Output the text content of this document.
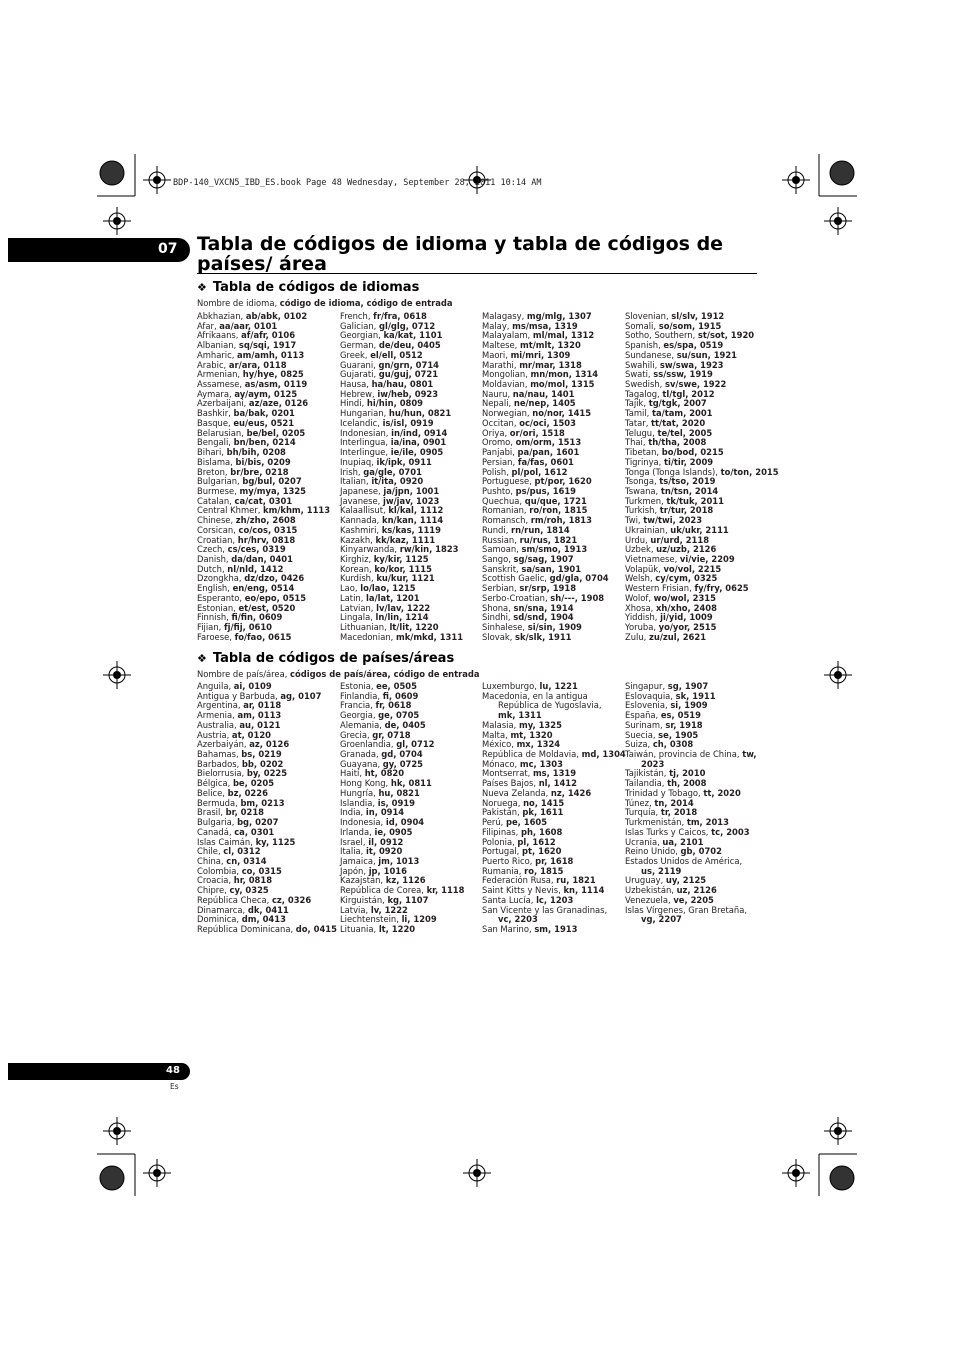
BDP-140_VXCN5_IBD_ES.book Page 48 Wednesday, September 28, 2011 10:14 AM
07 Tabla de códigos de idioma y tabla de códigos de países/ área
❖ Tabla de códigos de idiomas
Nombre de idioma, código de idioma, código de entrada
Abkhazian, ab/abk, 0102
Afar, aa/aar, 0101
Afrikaans, af/afr, 0106
Albanian, sq/sqi, 1917
Amharic, am/amh, 0113
Arabic, ar/ara, 0118
Armenian, hy/hye, 0825
Assamese, as/asm, 0119
Aymara, ay/aym, 0125
Azerbaijani, az/aze, 0126
Bashkir, ba/bak, 0201
Basque, eu/eus, 0521
Belarusian, be/bel, 0205
Bengali, bn/ben, 0214
Bihari, bh/bih, 0208
Bislama, bi/bis, 0209
Breton, br/bre, 0218
Bulgarian, bg/bul, 0207
Burmese, my/mya, 1325
Catalan, ca/cat, 0301
Central Khmer, km/khm, 1113
Chinese, zh/zho, 2608
Corsican, co/cos, 0315
Croatian, hr/hrv, 0818
Czech, cs/ces, 0319
Danish, da/dan, 0401
Dutch, nl/nld, 1412
Dzongkha, dz/dzo, 0426
English, en/eng, 0514
Esperanto, eo/epo, 0515
Estonian, et/est, 0520
Finnish, fi/fin, 0609
Fijian, fj/fij, 0610
Faroese, fo/fao, 0615
French, fr/fra, 0618
Galician, gl/glg, 0712
Georgian, ka/kat, 1101
German, de/deu, 0405
Greek, el/ell, 0512
Guarani, gn/grn, 0714
Gujarati, gu/guj, 0721
Hausa, ha/hau, 0801
Hebrew, iw/heb, 0923
Hindi, hi/hin, 0809
Hungarian, hu/hun, 0821
Icelandic, is/isl, 0919
Indonesian, in/ind, 0914
Interlingua, ia/ina, 0901
Interlingue, ie/ile, 0905
Inupiaq, ik/ipk, 0911
Irish, ga/gle, 0701
Italian, it/ita, 0920
Japanese, ja/jpn, 1001
Javanese, jw/jav, 1023
Kalaallisut, kl/kal, 1112
Kannada, kn/kan, 1114
Kashmiri, ks/kas, 1119
Kazakh, kk/kaz, 1111
Kinyarwanda, rw/kin, 1823
Kirghiz, ky/kir, 1125
Korean, ko/kor, 1115
Kurdish, ku/kur, 1121
Lao, lo/lao, 1215
Latin, la/lat, 1201
Latvian, lv/lav, 1222
Lingala, ln/lin, 1214
Lithuanian, lt/lit, 1220
Macedonian, mk/mkd, 1311
Malagasy, mg/mlg, 1307
Malay, ms/msa, 1319
Malayalam, ml/mal, 1312
Maltese, mt/mlt, 1320
Maori, mi/mri, 1309
Marathi, mr/mar, 1318
Mongolian, mn/mon, 1314
Moldavian, mo/mol, 1315
Nauru, na/nau, 1401
Nepali, ne/nep, 1405
Norwegian, no/nor, 1415
Occitan, oc/oci, 1503
Oriya, or/ori, 1518
Oromo, om/orm, 1513
Panjabi, pa/pan, 1601
Persian, fa/fas, 0601
Polish, pl/pol, 1612
Portuguese, pt/por, 1620
Pushto, ps/pus, 1619
Quechua, qu/que, 1721
Romanian, ro/ron, 1815
Romansch, rm/roh, 1813
Rundi, rn/run, 1814
Russian, ru/rus, 1821
Samoan, sm/smo, 1913
Sango, sg/sag, 1907
Sanskrit, sa/san, 1901
Scottish Gaelic, gd/gla, 0704
Serbian, sr/srp, 1918
Serbo-Croatian, sh/---, 1908
Shona, sn/sna, 1914
Sindhi, sd/snd, 1904
Sinhalese, si/sin, 1909
Slovak, sk/slk, 1911
Slovenian, sl/slv, 1912
Somali, so/som, 1915
Sotho, Southern, st/sot, 1920
Spanish, es/spa, 0519
Sundanese, su/sun, 1921
Swahili, sw/swa, 1923
Swati, ss/ssw, 1919
Swedish, sv/swe, 1922
Tagalog, tl/tgl, 2012
Tajik, tg/tgk, 2007
Tamil, ta/tam, 2001
Tatar, tt/tat, 2020
Telugu, te/tel, 2005
Thai, th/tha, 2008
Tibetan, bo/bod, 0215
Tigrinya, ti/tir, 2009
Tonga (Tonga Islands), to/ton, 2015
Tsonga, ts/tso, 2019
Tswana, tn/tsn, 2014
Turkmen, tk/tuk, 2011
Turkish, tr/tur, 2018
Twi, tw/twi, 2023
Ukrainian, uk/ukr, 2111
Urdu, ur/urd, 2118
Uzbek, uz/uzb, 2126
Vietnamese, vi/vie, 2209
Volapük, vo/vol, 2215
Welsh, cy/cym, 0325
Western Frisian, fy/fry, 0625
Wolof, wo/wol, 2315
Xhosa, xh/xho, 2408
Yiddish, ji/yid, 1009
Yoruba, yo/yor, 2515
Zulu, zu/zul, 2621
❖ Tabla de códigos de países/áreas
Nombre de país/área, códigos de país/área, código de entrada
Anguila, ai, 0109
Antigua y Barbuda, ag, 0107
Argentina, ar, 0118
Armenia, am, 0113
Australia, au, 0121
Austria, at, 0120
Azerbaiyán, az, 0126
Bahamas, bs, 0219
Barbados, bb, 0202
Bielorrusia, by, 0225
Bélgica, be, 0205
Belice, bz, 0226
Bermuda, bm, 0213
Brasil, br, 0218
Bulgaria, bg, 0207
Canadá, ca, 0301
Islas Caimán, ky, 1125
Chile, cl, 0312
China, cn, 0314
Colombia, co, 0315
Croacia, hr, 0818
Chipre, cy, 0325
República Checa, cz, 0326
Dinamarca, dk, 0411
Dominica, dm, 0413
República Dominicana, do, 0415
Estonia, ee, 0505
Finlandia, fi, 0609
Francia, fr, 0618
Georgia, ge, 0705
Alemania, de, 0405
Grecia, gr, 0718
Groenlandia, gl, 0712
Granada, gd, 0704
Guayana, gy, 0725
Haití, ht, 0820
Hong Kong, hk, 0811
Hungría, hu, 0821
Islandia, is, 0919
India, in, 0914
Indonesia, id, 0904
Irlanda, ie, 0905
Israel, il, 0912
Italia, it, 0920
Jamaica, jm, 1013
Japón, jp, 1016
Kazajstán, kz, 1126
República de Corea, kr, 1118
Kirguistán, kg, 1107
Latvia, lv, 1222
Liechtenstein, li, 1209
Lituania, lt, 1220
Luxemburgo, lu, 1221
Macedonia, en la antigua República de Yugoslavia, mk, 1311
Malasia, my, 1325
Malta, mt, 1320
México, mx, 1324
República de Moldavia, md, 1304
Mónaco, mc, 1303
Montserrat, ms, 1319
Países Bajos, nl, 1412
Nueva Zelanda, nz, 1426
Noruega, no, 1415
Pakistán, pk, 1611
Perú, pe, 1605
Filipinas, ph, 1608
Polonia, pl, 1612
Portugal, pt, 1620
Puerto Rico, pr, 1618
Rumania, ro, 1815
Federación Rusa, ru, 1821
Saint Kitts y Nevis, kn, 1114
Santa Lucía, lc, 1203
San Vicente y las Granadinas, vc, 2203
San Marino, sm, 1913
Singapur, sg, 1907
Eslovaquia, sk, 1911
Eslovenia, si, 1909
España, es, 0519
Surinam, sr, 1918
Suecia, se, 1905
Suiza, ch, 0308
Taiwán, provincia de China, tw, 2023
Tajikistán, tj, 2010
Tailandia, th, 2008
Trinidad y Tobago, tt, 2020
Túnez, tn, 2014
Turquía, tr, 2018
Turkmenistán, tm, 2013
Islas Turks y Caicos, tc, 2003
Ucrania, ua, 2101
Reino Unido, gb, 0702
Estados Unidos de América, us, 2119
Uruguay, uy, 2125
Uzbekistán, uz, 2126
Venezuela, ve, 2205
Islas Vírgenes, Gran Bretaña, vg, 2207
48
Es
